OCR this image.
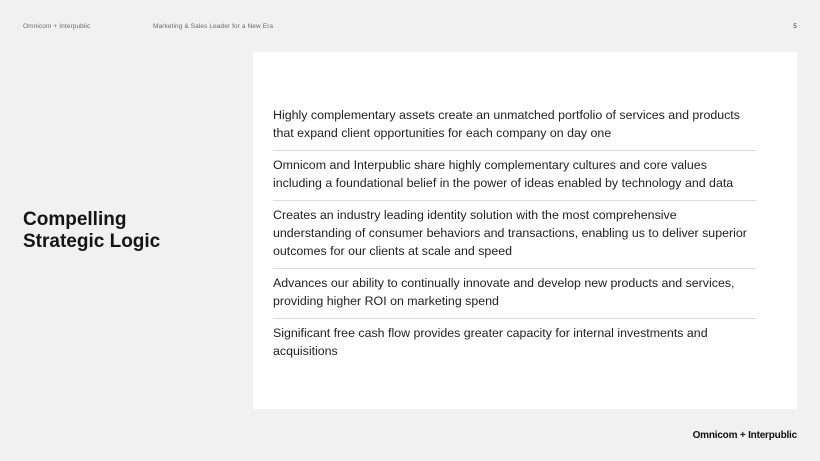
Omnicom + Interpublic	Marketing & Sales Leader for a New Era	5
Compelling
Strategic Logic
Highly complementary assets create an unmatched portfolio of services and products that expand client opportunities for each company on day one
Omnicom and Interpublic share highly complementary cultures and core values including a foundational belief in the power of ideas enabled by technology and data
Creates an industry leading identity solution with the most comprehensive understanding of consumer behaviors and transactions, enabling us to deliver superior outcomes for our clients at scale and speed
Advances our ability to continually innovate and develop new products and services, providing higher ROI on marketing spend
Significant free cash flow provides greater capacity for internal investments and acquisitions
Omnicom + Interpublic
